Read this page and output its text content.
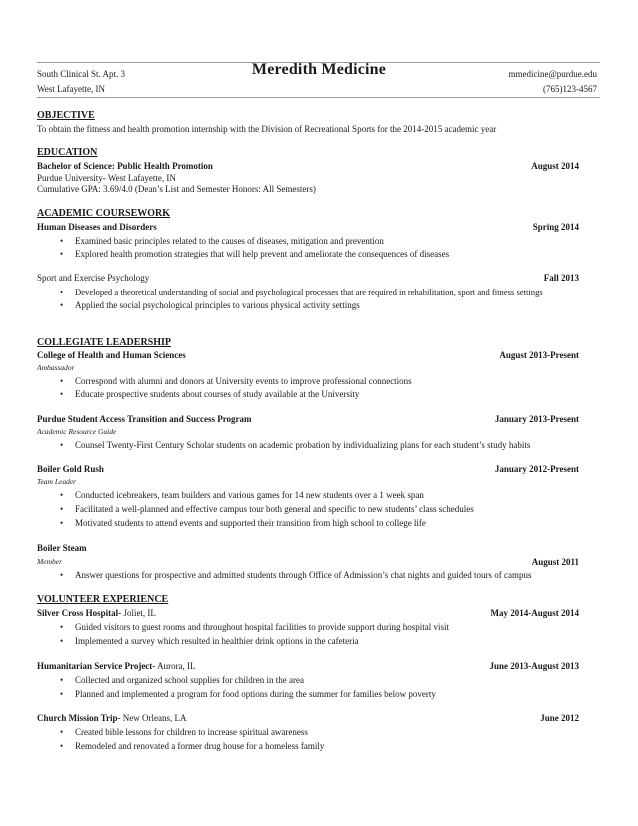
South Clinical St. Apt. 3
West Lafayette, IN
Meredith Medicine	mmedicine@purdue.edu
(765)123-4567
OBJECTIVE
To obtain the fitness and health promotion internship with the Division of Recreational Sports for the 2014-2015 academic year
EDUCATION
Bachelor of Science: Public Health Promotion	August 2014
Purdue University- West Lafayette, IN
Cumulative GPA: 3.69/4.0 (Dean’s List and Semester Honors: All Semesters)
ACADEMIC COURSEWORK
Human Diseases and Disorders	Spring 2014
• Examined basic principles related to the causes of diseases, mitigation and prevention
• Explored health promotion strategies that will help prevent and ameliorate the consequences of diseases
Sport and Exercise Psychology	Fall 2013
• Developed a theoretical understanding of social and psychological processes that are required in rehabilitation, sport and fitness settings
• Applied the social psychological principles to various physical activity settings
COLLEGIATE LEADERSHIP
College of Health and Human Sciences	August 2013-Present
Ambassador
• Correspond with alumni and donors at University events to improve professional connections
• Educate prospective students about courses of study available at the University
Purdue Student Access Transition and Success Program	January 2013-Present
Academic Resource Guide
• Counsel Twenty-First Century Scholar students on academic probation by individualizing plans for each student’s study habits
Boiler Gold Rush	January 2012-Present
Team Leader
• Conducted icebreakers, team builders and various games for 14 new students over a 1 week span
• Facilitated a well-planned and effective campus tour both general and specific to new students’ class schedules
• Motivated students to attend events and supported their transition from high school to college life
Boiler Steam
Member	August 2011
• Answer questions for prospective and admitted students through Office of Admission’s chat nights and guided tours of campus
VOLUNTEER EXPERIENCE
Silver Cross Hospital- Joliet, IL	May 2014-August 2014
• Guided visitors to guest rooms and throughout hospital facilities to provide support during hospital visit
• Implemented a survey which resulted in healthier drink options in the cafeteria
Humanitarian Service Project- Aurora, IL	June 2013-August 2013
• Collected and organized school supplies for children in the area
• Planned and implemented a program for food options during the summer for families below poverty
Church Mission Trip- New Orleans, LA	June 2012
• Created bible lessons for children to increase spiritual awareness
• Remodeled and renovated a former drug house for a homeless family
